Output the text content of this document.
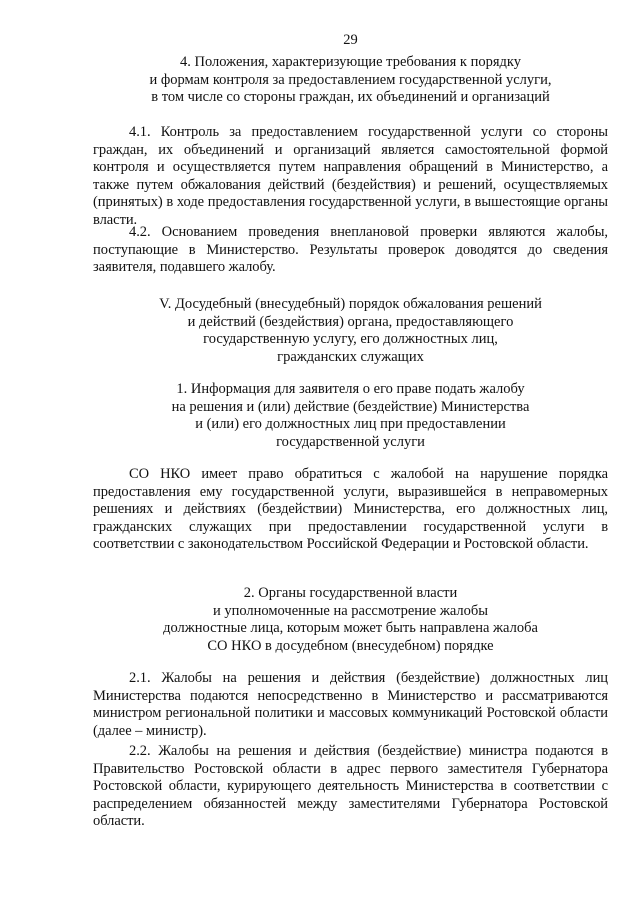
29
4. Положения, характеризующие требования к порядку
и формам контроля за предоставлением государственной услуги,
в том числе со стороны граждан, их объединений и организаций
4.1. Контроль за предоставлением государственной услуги со стороны граждан, их объединений и организаций является самостоятельной формой контроля и осуществляется путем направления обращений в Министерство, а также путем обжалования действий (бездействия) и решений, осуществляемых (принятых) в ходе предоставления государственной услуги, в вышестоящие органы власти.
4.2. Основанием проведения внеплановой проверки являются жалобы, поступающие в Министерство. Результаты проверок доводятся до сведения заявителя, подавшего жалобу.
V. Досудебный (внесудебный) порядок обжалования решений
и действий (бездействия) органа, предоставляющего
государственную услугу, его должностных лиц,
гражданских служащих
1. Информация для заявителя о его праве подать жалобу
на решения и (или) действие (бездействие) Министерства
и (или) его должностных лиц при предоставлении
государственной услуги
СО НКО имеет право обратиться с жалобой на нарушение порядка предоставления ему государственной услуги, выразившейся в неправомерных решениях и действиях (бездействии) Министерства, его должностных лиц, гражданских служащих при предоставлении государственной услуги в соответствии с законодательством Российской Федерации и Ростовской области.
2. Органы государственной власти
и уполномоченные на рассмотрение жалобы
должностные лица, которым может быть направлена жалоба
СО НКО в досудебном (внесудебном) порядке
2.1. Жалобы на решения и действия (бездействие) должностных лиц Министерства подаются непосредственно в Министерство и рассматриваются министром региональной политики и массовых коммуникаций Ростовской области (далее – министр).
2.2. Жалобы на решения и действия (бездействие) министра подаются в Правительство Ростовской области в адрес первого заместителя Губернатора Ростовской области, курирующего деятельность Министерства в соответствии с распределением обязанностей между заместителями Губернатора Ростовской области.
